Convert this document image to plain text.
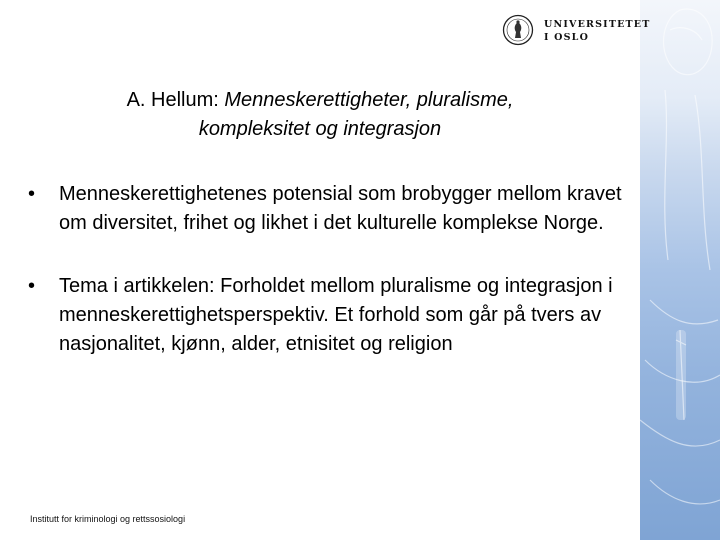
UNIVERSITETET
I OSLO
A. Hellum: Menneskerettigheter, pluralisme,
kompleksitet og integrasjon
•	Menneskerettighetenes potensial som brobygger mellom kravet om diversitet, frihet og likhet i det kulturelle komplekse Norge.
•	Tema i artikkelen: Forholdet mellom pluralisme og integrasjon i menneskerettighetsperspektiv. Et forhold som går på tvers av nasjonalitet, kjønn, alder, etnisitet og religion
Institutt for kriminologi og rettssosiologi
